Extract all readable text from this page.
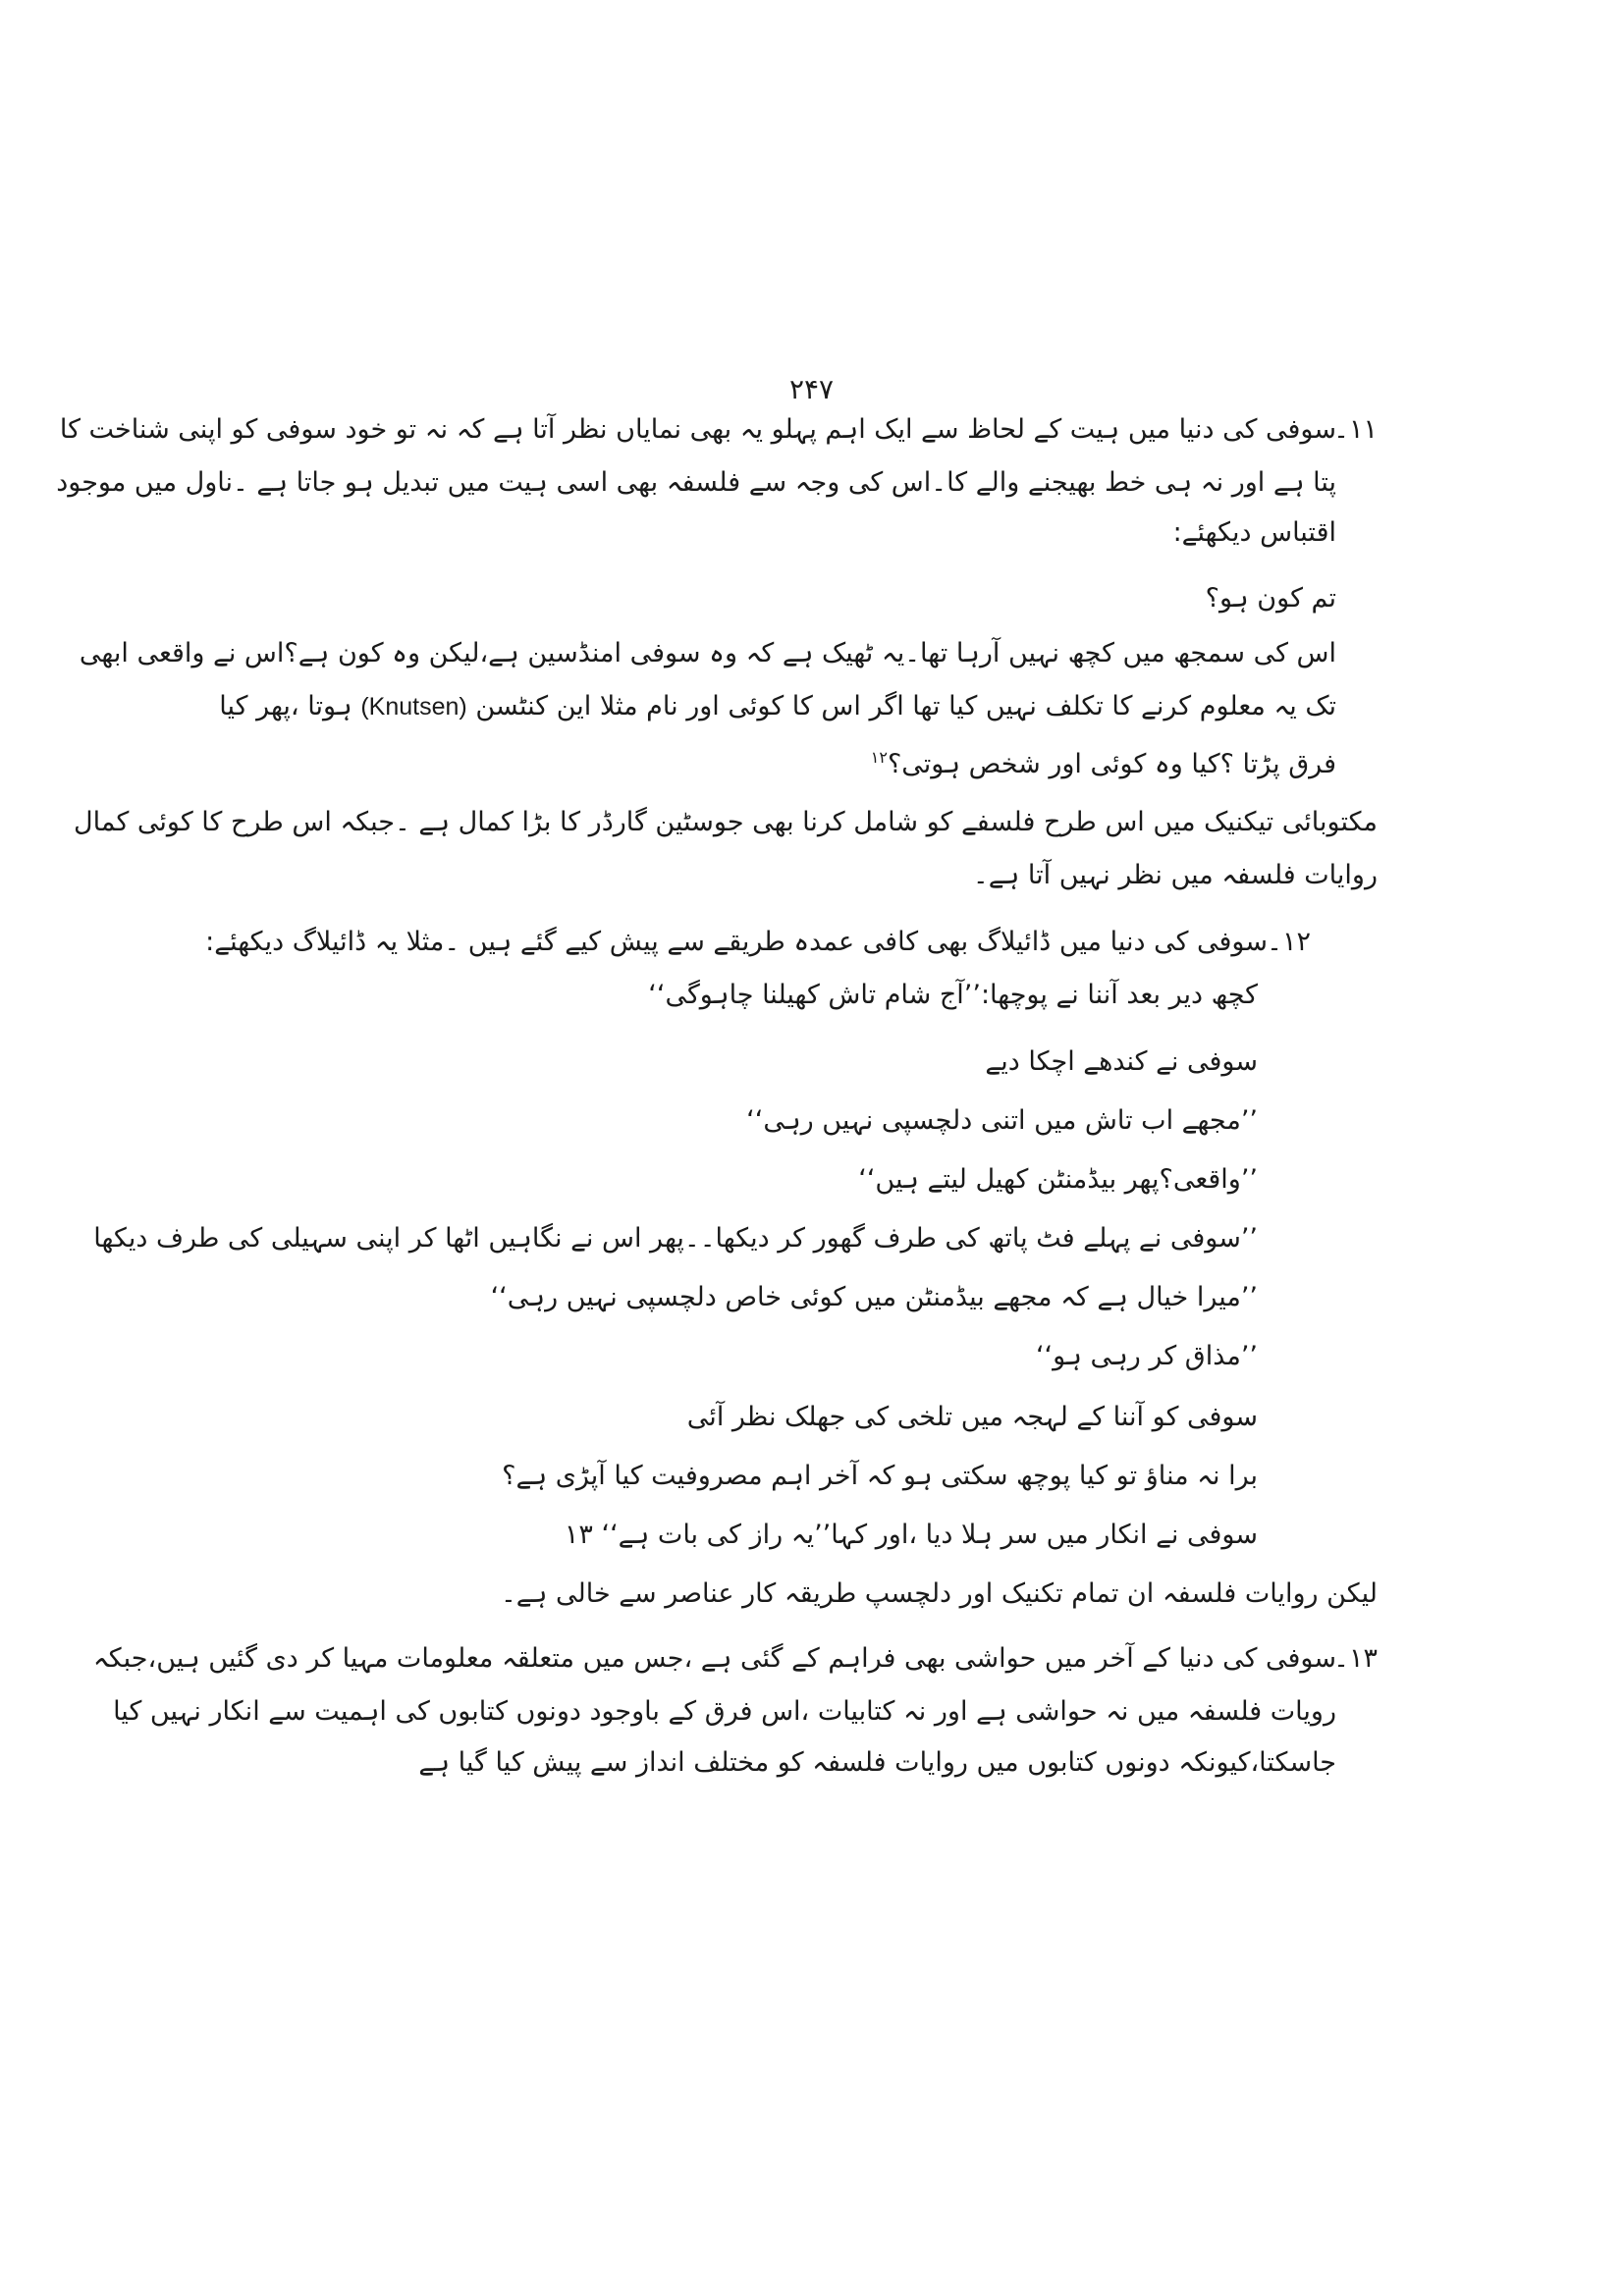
۲۴۷
۱۱۔
سوفی کی دنیا میں ہیت کے لحاظ سے ایک اہم پہلو یہ بھی نمایاں نظر آتا ہے کہ نہ تو خود سوفی کو اپنی شناخت کا
پتا ہے اور نہ ہی خط بھیجنے والے کا۔اس کی وجہ سے فلسفہ بھی اسی ہیت میں تبدیل ہو جاتا ہے ۔ناول میں موجود
اقتباس دیکھئے:
تم کون ہو؟
اس کی سمجھ میں کچھ نہیں آرہا تھا۔یہ ٹھیک ہے کہ وہ سوفی امنڈسین ہے،لیکن وہ کون ہے؟اس نے واقعی ابھی
تک یہ معلوم کرنے کا تکلف نہیں کیا تھا اگر اس کا کوئی اور نام مثلا این کنٹسن (Knutsen) ہوتا ،پھر کیا
فرق پڑتا ؟کیا وہ کوئی اور شخص ہوتی؟$^{۱۲}$
مکتوبائی تیکنیک میں اس طرح فلسفے کو شامل کرنا بھی جوسٹین گارڈر کا بڑا کمال ہے ۔جبکہ اس طرح کا کوئی کمال
روایات فلسفہ میں نظر نہیں آتا ہے۔
۱۲۔
سوفی کی دنیا میں ڈائیلاگ بھی کافی عمدہ طریقے سے پیش کیے گئے ہیں ۔مثلا یہ ڈائیلاگ دیکھئے:
کچھ دیر بعد آننا نے پوچھا:’’آج شام تاش کھیلنا چاہوگی‘‘
سوفی نے کندھے اچکا دیے
’’مجھے اب تاش میں اتنی دلچسپی نہیں رہی‘‘
’’واقعی؟پھر بیڈمنٹن کھیل لیتے ہیں‘‘
’’سوفی نے پہلے فٹ پاتھ کی طرف گھور کر دیکھا۔۔پھر اس نے نگاہیں اٹھا کر اپنی سہیلی کی طرف دیکھا
’’میرا خیال ہے کہ مجھے بیڈمنٹن میں کوئی خاص دلچسپی نہیں رہی‘‘
’’مذاق کر رہی ہو‘‘
سوفی کو آننا کے لہجہ میں تلخی کی جھلک نظر آئی
برا نہ مناؤ تو کیا پوچھ سکتی ہو کہ آخر اہم مصروفیت کیا آپڑی ہے؟
سوفی نے انکار میں سر ہلا دیا ،اور کہا’’یہ راز کی بات ہے‘‘ ۱۳
لیکن روایات فلسفہ ان تمام تکنیک اور دلچسپ طریقہ کار عناصر سے خالی ہے۔
۱۳۔
سوفی کی دنیا کے آخر میں حواشی بھی فراہم کے گئی ہے ،جس میں متعلقہ معلومات مہیا کر دی گئیں ہیں،جبکہ
رویات فلسفہ میں نہ حواشی ہے اور نہ کتابیات ،اس فرق کے باوجود دونوں کتابوں کی اہمیت سے انکار نہیں کیا
جاسکتا،کیونکہ دونوں کتابوں میں روایات فلسفہ کو مختلف انداز سے پیش کیا گیا ہے
